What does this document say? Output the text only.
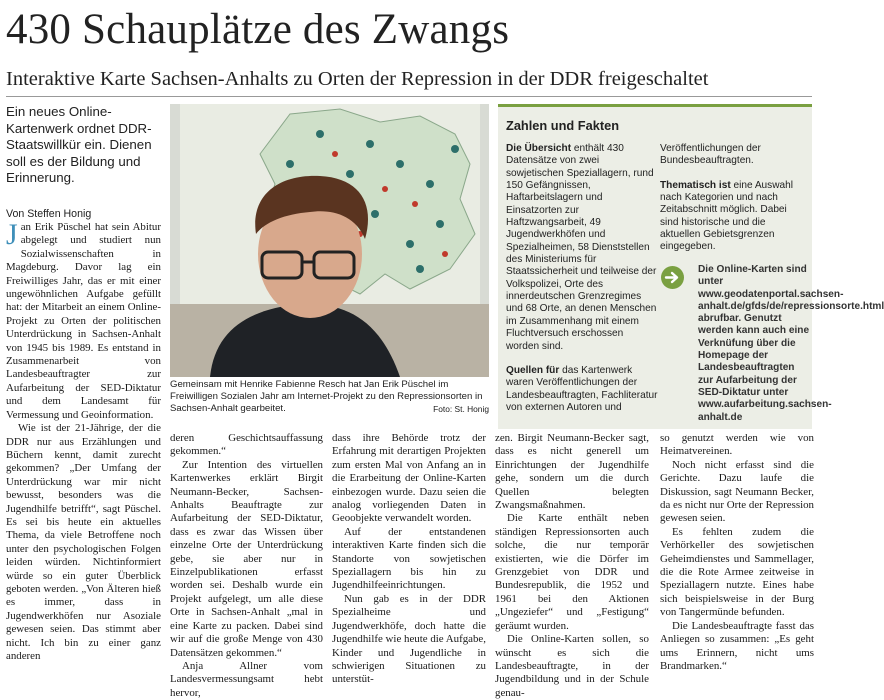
430 Schauplätze des Zwangs
Interaktive Karte Sachsen-Anhalts zu Orten der Repression in der DDR freigeschaltet
Ein neues Online-Kartenwerk ordnet DDR-Staatswillkür ein. Dienen soll es der Bildung und Erinnerung.
Von Steffen Honig
Gemeinsam mit Henrike Fabienne Resch hat Jan Erik Püschel im Freiwilligen Sozialen Jahr am Internet-Projekt zu den Repressionsorten in Sachsen-Anhalt gearbeitet.	Foto: St. Honig
Zahlen und Fakten

Die Übersicht enthält 430 Datensätze von zwei sowjetischen Speziallagern, rund 150 Gefängnissen, Haftarbeitslagern und Einsatzorten zur Haftzwangsarbeit, 49 Jugendwerkhöfen und Spezialheimen, 58 Dienststellen des Ministeriums für Staatssicherheit und teilweise der Volkspolizei, Orte des innerdeutschen Grenzregimes und 68 Orte, an denen Menschen im Zusammenhang mit einem Fluchtversuch erschossen worden sind.

Quellen für das Kartenwerk waren Veröffentlichungen der Landesbeauftragten, Fachliteratur von externen Autoren und

Veröffentlichungen der Bundesbeauftragten.

Thematisch ist eine Auswahl nach Kategorien und nach Zeitabschnitt möglich. Dabei sind historische und die aktuellen Gebietsgrenzen eingegeben.

Die Online-Karten sind unter www.geodatenportal.sachsen-anhalt.de/gfds/de/repressionsorte.html abrufbar. Genutzt werden kann auch eine Verknüfung über die Homepage der Landesbeauftragten zur Aufarbeitung der SED-Diktatur unter www.aufarbeitung.sachsen-anhalt.de

Jan Erik Püschel hat sein Abitur abgelegt und studiert nun Sozialwissenschaften in Magdeburg. Davor lag ein Freiwilliges Jahr, das er mit einer ungewöhnlichen Aufgabe gefüllt hat: der Mitarbeit an einem Online-Projekt zu Orten der politischen Unterdrückung in Sachsen-Anhalt von 1945 bis 1989. Es entstand in Zusammenarbeit von Landesbeauftragter zur Aufarbeitung der SED-Diktatur und dem Landesamt für Vermessung und Geoinformation.

Wie ist der 21-Jährige, der die DDR nur aus Erzählungen und Büchern kennt, damit zurecht gekommen? „Der Umfang der Unterdrückung war mir nicht bewusst, besonders was die Jugendhilfe betrifft“, sagt Püschel. Es sei bis heute ein aktuelles Thema, da viele Betroffene noch unter den psychologischen Folgen leiden würden. Nichtinformiert würde so ein guter Überblick geboten werden. „Von Älteren hieß es immer, dass in Jugendwerkhöfen nur Asoziale gewesen seien. Das stimmt aber nicht. Ich bin zu einer ganz anderen

deren Geschichtsauffassung gekommen.“

Zur Intention des virtuellen Kartenwerkes erklärt Birgit Neumann-Becker, Sachsen-Anhalts Beauftragte zur Aufarbeitung der SED-Diktatur, dass es zwar das Wissen über einzelne Orte der Unterdrückung gebe, sie aber nur in Einzelpublikationen erfasst worden sei. Deshalb wurde ein Projekt aufgelegt, um alle diese Orte in Sachsen-Anhalt „mal in eine Karte zu packen. Dabei sind wir auf die große Menge von 430 Datensätzen gekommen.“

Anja Allner vom Landesvermessungsamt hebt hervor,

dass ihre Behörde trotz der Erfahrung mit derartigen Projekten zum ersten Mal von Anfang an in die Erarbeitung der Online-Karten einbezogen wurde. Dazu seien die analog vorliegenden Daten in Geoobjekte verwandelt worden.

Auf der entstandenen interaktiven Karte finden sich die Standorte von sowjetischen Speziallagern bis hin zu Jugendhilfeeinrichtungen.

Nun gab es in der DDR Spezialheime und Jugendwerkhöfe, doch hatte die Jugendhilfe wie heute die Aufgabe, Kinder und Jugendliche in schwierigen Situationen zu unterstüt-

zen. Birgit Neumann-Becker sagt, dass es nicht generell um Einrichtungen der Jugendhilfe gehe, sondern um die durch Quellen belegten Zwangsmaßnahmen.

Die Karte enthält neben ständigen Repressionsorten auch solche, die nur temporär existierten, wie die Dörfer im Grenzgebiet von DDR und Bundesrepublik, die 1952 und 1961 bei den Aktionen „Ungeziefer“ und „Festigung“ geräumt wurden.

Die Online-Karten sollen, so wünscht es sich die Landesbeauftragte, in der Jugendbildung und in der Schule genau-

so genutzt werden wie von Heimatvereinen.

Noch nicht erfasst sind die Gerichte. Dazu laufe die Diskussion, sagt Neumann Becker, da es nicht nur Orte der Repression gewesen seien.

Es fehlten zudem die Verhörkeller des sowjetischen Geheimdienstes und Sammellager, die die Rote Armee zeitweise in Speziallagern nutzte. Eines habe sich beispielsweise in der Burg von Tangermünde befunden.

Die Landesbeauftragte fasst das Anliegen so zusammen: „Es geht ums Erinnern, nicht ums Brandmarken.“
